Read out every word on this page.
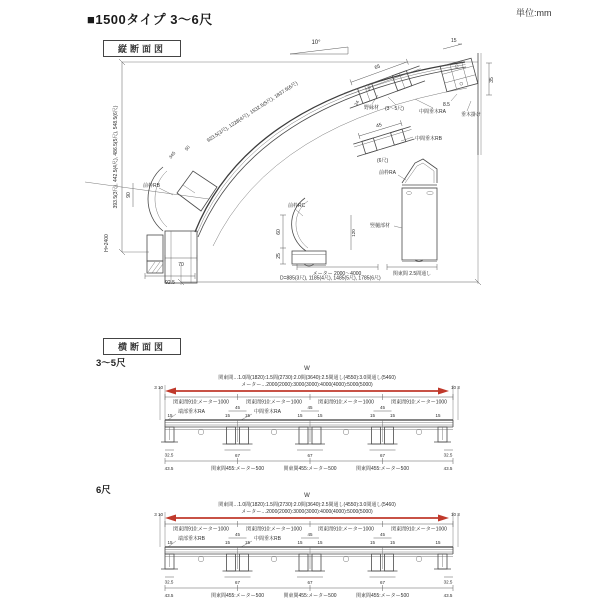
■1500タイプ 3〜6尺	単位:mm
縦断面図
横断面図
393.5(3尺), 442.5(4尺), 486.5(5尺), 548.5(6尺)
10°
923.5(3尺), 1228(4尺), 1532.5(5尺), 1837.5(6尺)
345
50
30
24
65
野縁材 (3〜5尺)	中間垂木RA
45
中間垂木RB
(6尺)
15
35
8.5
垂木掛け
前枠RB
70
92.5
H=2400
90
前枠RC
60
25
前枠RA
竪樋部材
120
メーター 2000〜4000	関東間 2.5間通し
D=885(3尺), 1185(4尺), 1485(5尺), 1785(6尺)
3〜5尺	W
関東間…1.0間(1820):1.5間(2730):2.0間(3640):2.5間通し(4550):3.0間通し(5460)
メーター…2000(2000):3000(3000):4000(4000):5000(5000)
3 10	10 3
関東間910:メーター1000	関東間910:メーター1000	関東間910:メーター1000	関東間910:メーター1000
45	45	45
15	15	15	15	15	15	15	15
端部垂木RA	中間垂木RA
67	67	67
32.5	32.5
43.5	関東間455:メーター500	関東間455:メーター500	関東間455:メーター500	43.5
6尺	W
関東間…1.0間(1820):1.5間(2730):2.0間(3640):2.5間通し(4550):3.0間通し(5460)
メーター…2000(2000):3000(3000):4000(4000):5000(5000)
3 10	10 3
関東間910:メーター1000	関東間910:メーター1000	関東間910:メーター1000	関東間910:メーター1000
45	45	45
15	15	15	15	15	15	15	15
端部垂木RB	中間垂木RB
67	67	67
32.5	32.5
43.5	関東間455:メーター500	関東間455:メーター500	関東間455:メーター500	43.5
